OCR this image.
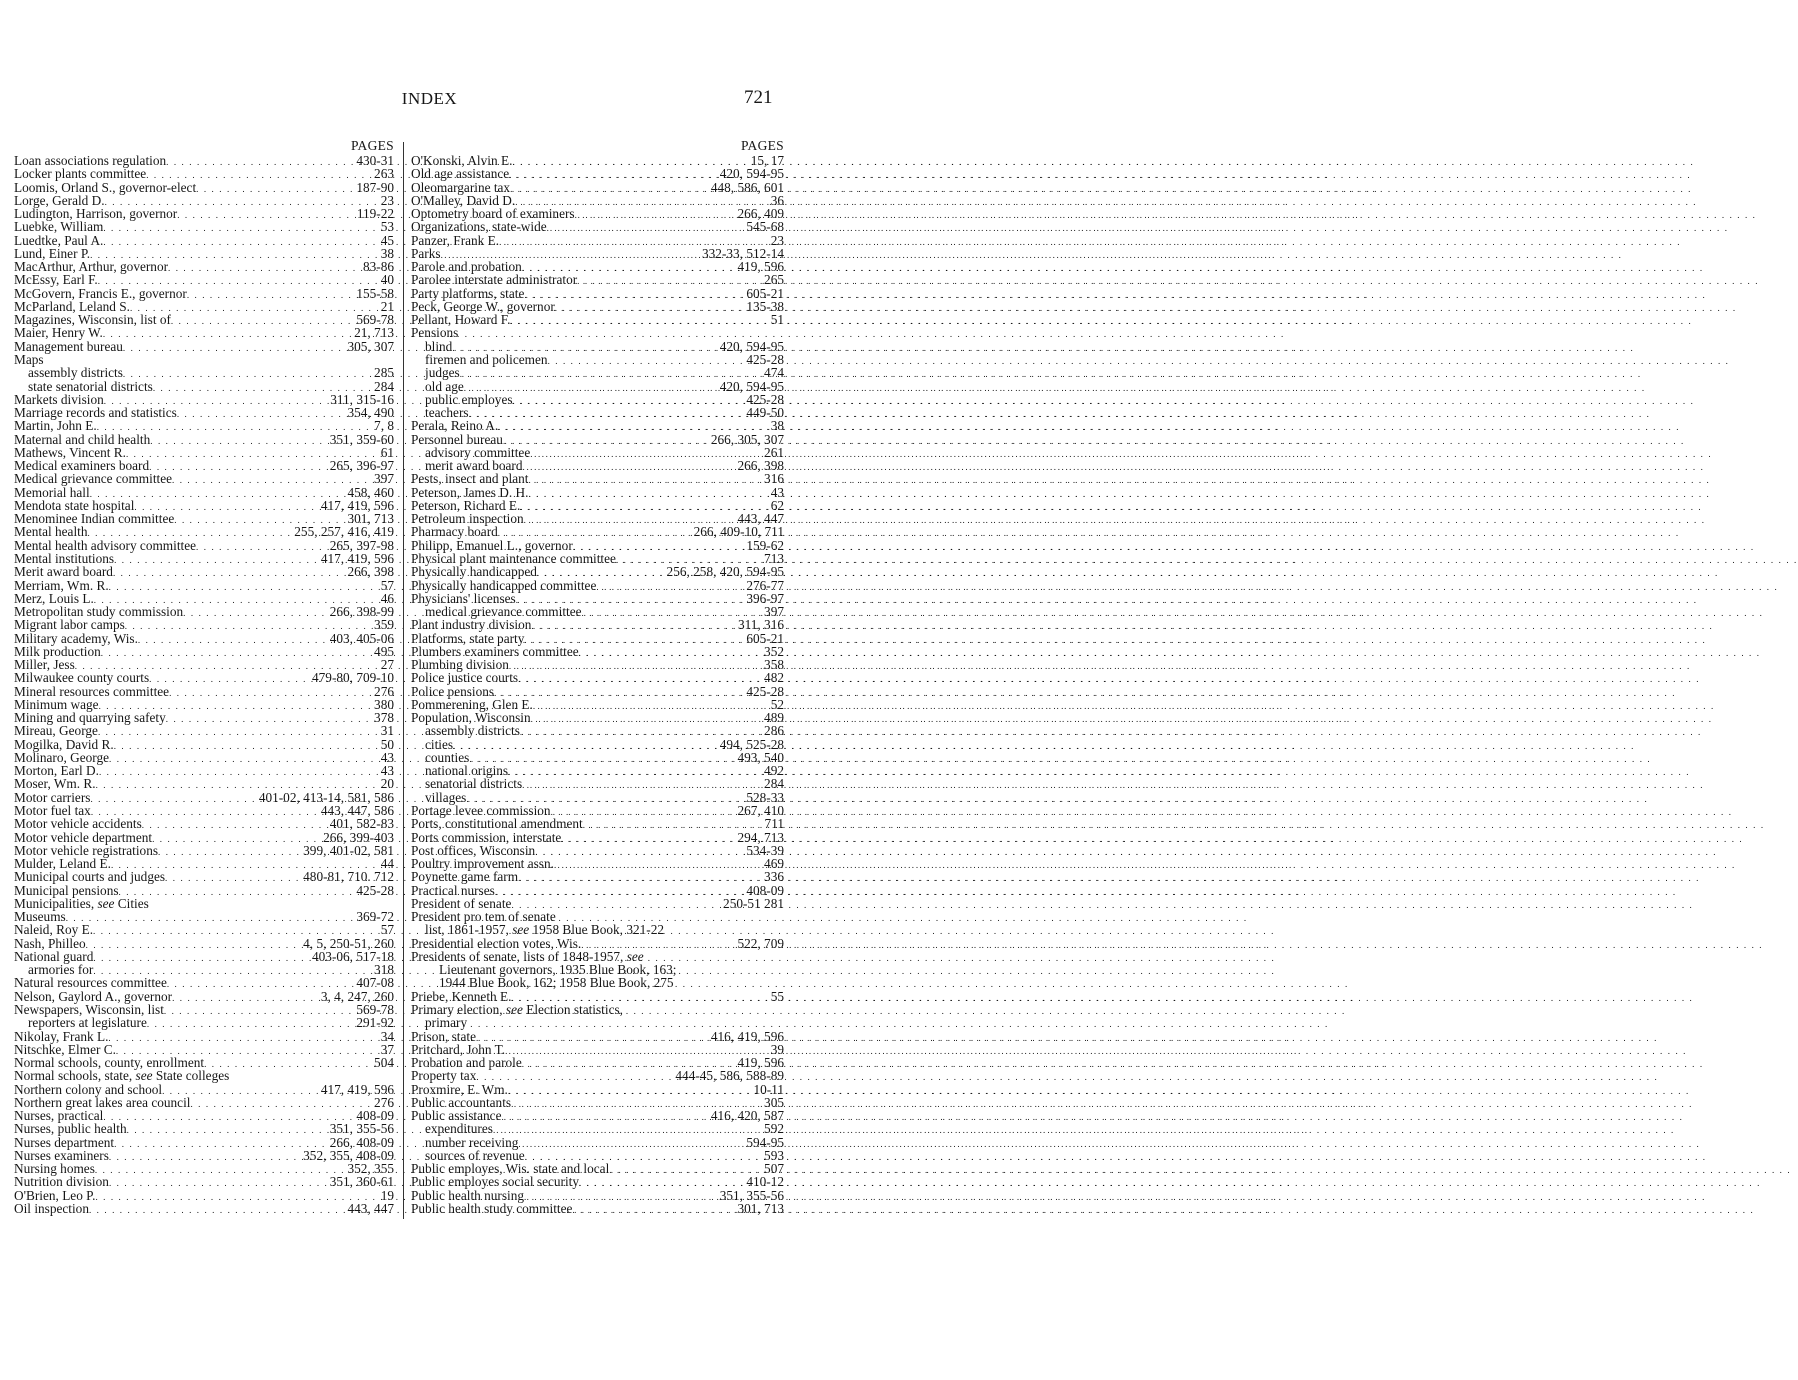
INDEX	721
PAGES
Loan associations regulation . . .	430-31
Locker plants committee . . .	263
Loomis, Orland S., governor-elect . . .	187-90
Lorge, Gerald D. . . .	23
Ludington, Harrison, governor . . .	119-22
Luebke, William . . .	53
Luedtke, Paul A. . . .	45
Lund, Einer P. . . .	38
MacArthur, Arthur, governor . . .	83-86
McEssy, Earl F. . . .	40
McGovern, Francis E., governor . . .	155-58
McParland, Leland S. . . .	21
Magazines, Wisconsin, list of . . .	569-78
Maier, Henry W. . . .	21, 713
Management bureau . . .	305, 307
Maps
assembly districts . . .	285
state senatorial districts . . .	284
Markets division . . .	311, 315-16
Marriage records and statistics . . .	354, 490
Martin, John E. . . .	7, 8
Maternal and child health . . .	351, 359-60
Mathews, Vincent R. . . .	61
Medical examiners board . . .	265, 396-97
Medical grievance committee . . .	397
Memorial hall . . .	458, 460
Mendota state hospital . . .	417, 419, 596
Menominee Indian committee . . .	301, 713
Mental health . . .	255, 257, 416, 419
Mental health advisory committee . . .	265, 397-98
Mental institutions . . .	417, 419, 596
Merit award board . . .	266, 398
Merriam, Wm. R. . . .	57
Merz, Louis L. . . .	46
Metropolitan study commission . . .	266, 398-99
Migrant labor camps . . .	359
Military academy, Wis. . . .	403, 405-06
Milk production . . .	495
Miller, Jess . . .	27
Milwaukee county courts . . .	479-80, 709-10
Mineral resources committee . . .	276
Minimum wage . . .	380
Mining and quarrying safety . . .	378
Mireau, George . . .	31
Mogilka, David R. . . .	50
Molinaro, George . . .	43
Morton, Earl D. . . .	43
Moser, Wm. R. . . .	20
Motor carriers . . .	401-02, 413-14, 581, 586
Motor fuel tax . . .	443, 447, 586
Motor vehicle accidents . . .	401, 582-83
Motor vehicle department . . .	266, 399-403
Motor vehicle registrations . . .	399, 401-02, 581
Mulder, Leland E. . . .	44
Municipal courts and judges . . .	480-81, 710. 712
Municipal pensions . . .	425-28
Municipalities, see Cities
Museums . . .	369-72
Naleid, Roy E. . . .	57
Nash, Philleo . . .	4, 5, 250-51, 260
National guard . . .	403-06, 517-18
armories for . . .	318
Natural resources committee . . .	407-08
Nelson, Gaylord A., governor . . .	3, 4, 247, 260
Newspapers, Wisconsin, list . . .	569-78
reporters at legislature . . .	291-92
Nikolay, Frank L. . . .	34
Nitschke, Elmer C. . . .	37
Normal schools, county, enrollment . . .	504
Normal schools, state, see State colleges
Northern colony and school . . .	417, 419, 596
Northern great lakes area council . . .	276
Nurses, practical . . .	408-09
Nurses, public health . . .	351, 355-56
Nurses department . . .	266, 408-09
Nurses examiners . . .	352, 355, 408-09
Nursing homes . . .	352, 355
Nutrition division . . .	351, 360-61
O'Brien, Leo P. . . .	19
Oil inspection . . .	443, 447
PAGES
O'Konski, Alvin E. . . .	15, 17
Old age assistance . . .	420, 594-95
Oleomargarine tax . . .	448, 586, 601
O'Malley, David D. . . .	36
Optometry board of examiners . . .	266, 409
Organizations, state-wide . . .	545-68
Panzer, Frank E. . . .	23
Parks . . .	332-33, 512-14
Parole and probation . . .	419, 596
Parolee interstate administrator . . .	265
Party platforms, state . . .	605-21
Peck, George W., governor . . .	135-38
Pellant, Howard F. . . .	51
Pensions
blind . . .	420, 594-95
firemen and policemen . . .	425-28
judges . . .	474
old age . . .	420, 594-95
public employes . . .	425-28
teachers . . .	449-50
Perala, Reino A. . . .	38
Personnel bureau . . .	266, 305, 307
advisory committee . . .	261
merit award board . . .	266, 398
Pests, insect and plant . . .	316
Peterson, James D. H. . . .	43
Peterson, Richard E. . . .	62
Petroleum inspection . . .	443, 447
Pharmacy board . . .	266, 409-10, 711
Philipp, Emanuel L., governor . . .	159-62
Physical plant maintenance committee . . .	713
Physically handicapped . . .	256, 258, 420, 594-95
Physically handicapped committee . . .	276-77
Physicians' licenses . . .	396-97
medical grievance committee . . .	397
Plant industry division . . .	311, 316
Platforms, state party . . .	605-21
Plumbers examiners committee . . .	352
Plumbing division . . .	358
Police justice courts . . .	482
Police pensions . . .	425-28
Pommerening, Glen E. . . .	52
Population, Wisconsin . . .	489
assembly districts . . .	286
cities . . .	494, 525-28
counties . . .	493, 540
national origins . . .	492
senatorial districts . . .	284
villages . . .	528-33
Portage levee commission . . .	267, 410
Ports, constitutional amendment . . .	711
Ports commission, interstate . . .	294, 713
Post offices, Wisconsin . . .	534-39
Poultry improvement assn. . . .	469
Poynette game farm . . .	336
Practical nurses . . .	408-09
President of senate . . .	250-51 281
President pro tem of senate
list, 1861-1957, see 1958 Blue Book, 321-22
Presidential election votes, Wis. . . .	522, 709
Presidents of senate, lists of 1848-1957, see
Lieutenant governors, 1935 Blue Book, 163;
1944 Blue Book, 162; 1958 Blue Book, 275
Priebe, Kenneth E. . . .	55
Primary election, see Election statistics,
primary
Prison, state . . .	416, 419, 596
Pritchard, John T. . . .	39
Probation and parole . . .	419, 596
Property tax . . .	444-45, 586, 588-89
Proxmire, E. Wm. . . .	10-11
Public accountants . . .	305
Public assistance . . .	416, 420, 587
expenditures . . .	592
number receiving . . .	594-95
sources of revenue . . .	593
Public employes, Wis. state and local . . .	507
Public employes social security . . .	410-12
Public health nursing . . .	351, 355-56
Public health study committee . . .	301, 713
